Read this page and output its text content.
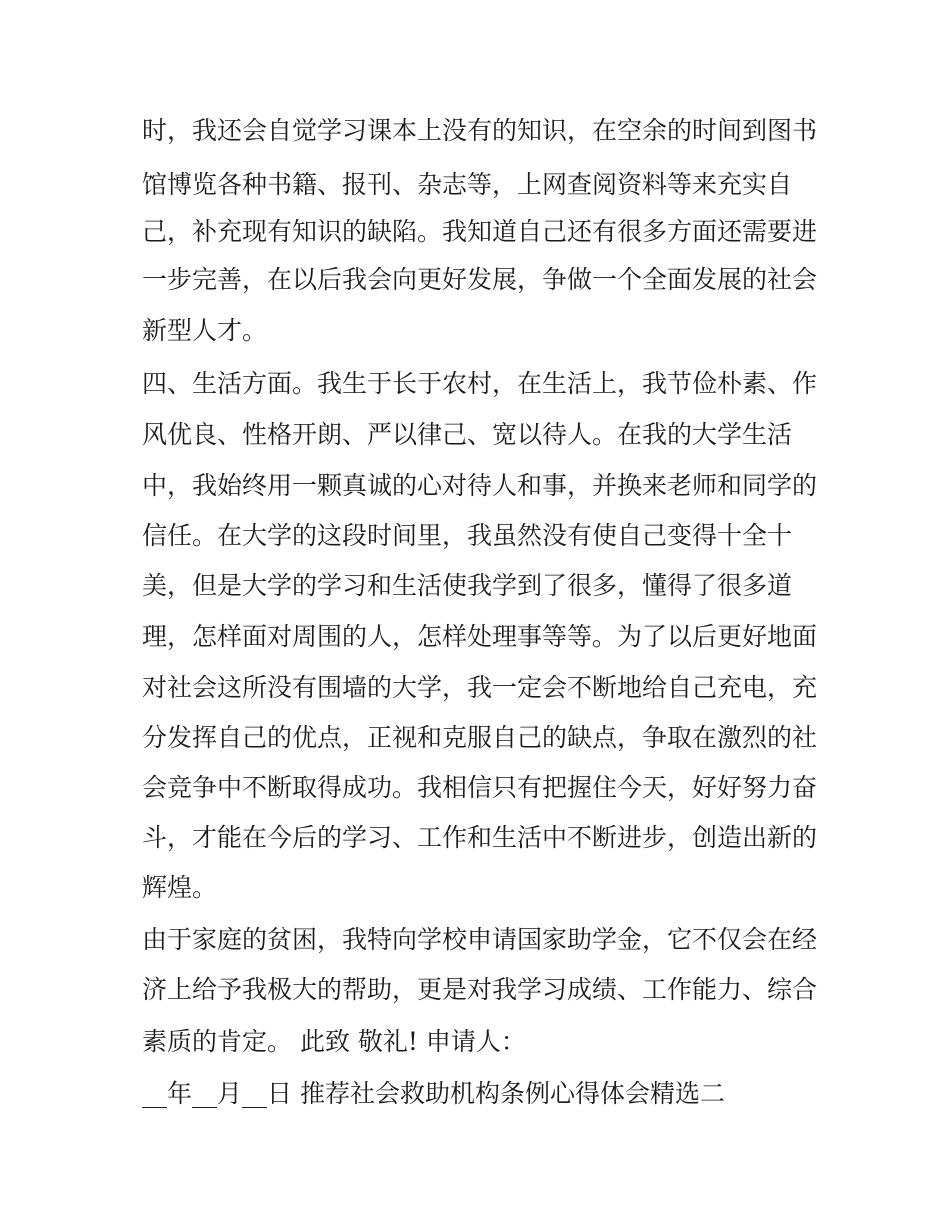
时，我还会自觉学习课本上没有的知识，在空余的时间到图书
馆博览各种书籍、报刊、杂志等，上网查阅资料等来充实自
己，补充现有知识的缺陷。我知道自己还有很多方面还需要进
一步完善，在以后我会向更好发展，争做一个全面发展的社会
新型人才。
四、生活方面。我生于长于农村，在生活上，我节俭朴素、作
风优良、性格开朗、严以律己、宽以待人。在我的大学生活
中，我始终用一颗真诚的心对待人和事，并换来老师和同学的
信任。在大学的这段时间里，我虽然没有使自己变得十全十
美，但是大学的学习和生活使我学到了很多，懂得了很多道
理，怎样面对周围的人，怎样处理事等等。为了以后更好地面
对社会这所没有围墙的大学，我一定会不断地给自己充电，充
分发挥自己的优点，正视和克服自己的缺点，争取在激烈的社
会竞争中不断取得成功。我相信只有把握住今天，好好努力奋
斗，才能在今后的学习、工作和生活中不断进步，创造出新的
辉煌。
由于家庭的贫困，我特向学校申请国家助学金，它不仅会在经
济上给予我极大的帮助，更是对我学习成绩、工作能力、综合
素质的肯定。 此致 敬礼! 申请人：
__年__月__日 推荐社会救助机构条例心得体会精选二
